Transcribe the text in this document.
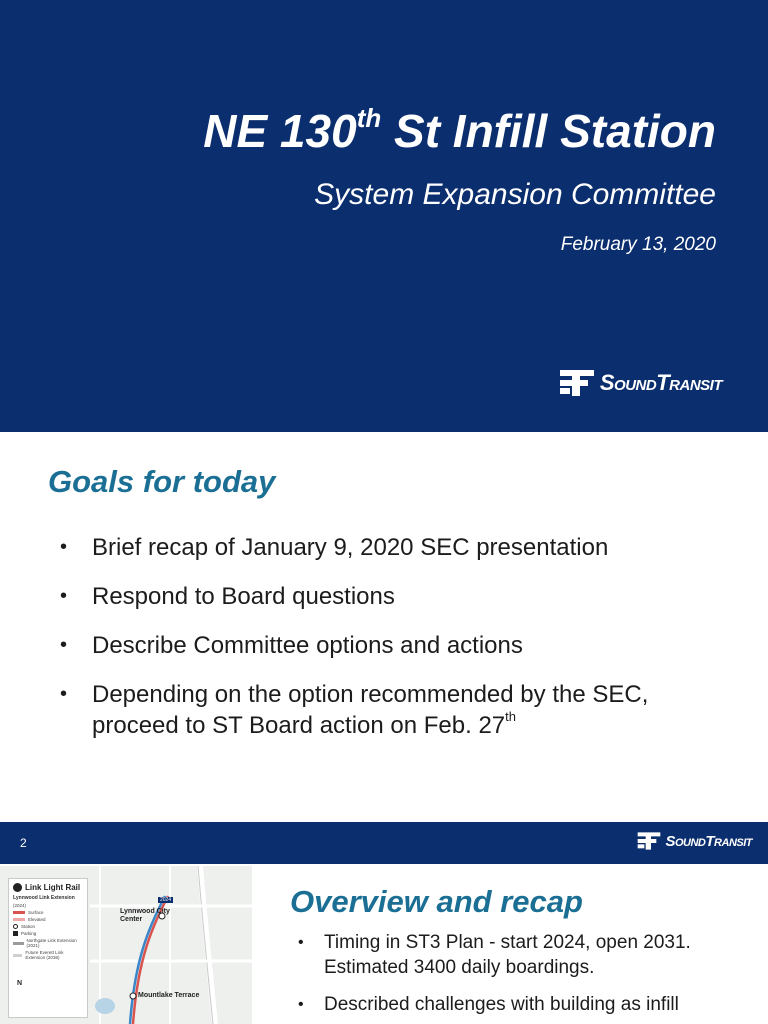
NE 130th St Infill Station
System Expansion Committee
February 13, 2020
SoundTransit
Goals for today
• Brief recap of January 9, 2020 SEC presentation
• Respond to Board questions
• Describe Committee options and actions
• Depending on the option recommended by the SEC, proceed to ST Board action on Feb. 27th
2	SoundTransit
Link Light Rail
Lynnwood Link Extension
(2024)
Surface
Elevated
Station
Parking
Northgate Link Extension (2021)
Future Everett Link Extension (2036)
2024
Lynnwood City Center
Mountlake Terrace
N
Overview and recap
• Timing in ST3 Plan - start 2024, open 2031. Estimated 3400 daily boardings.
• Described challenges with building as infill
